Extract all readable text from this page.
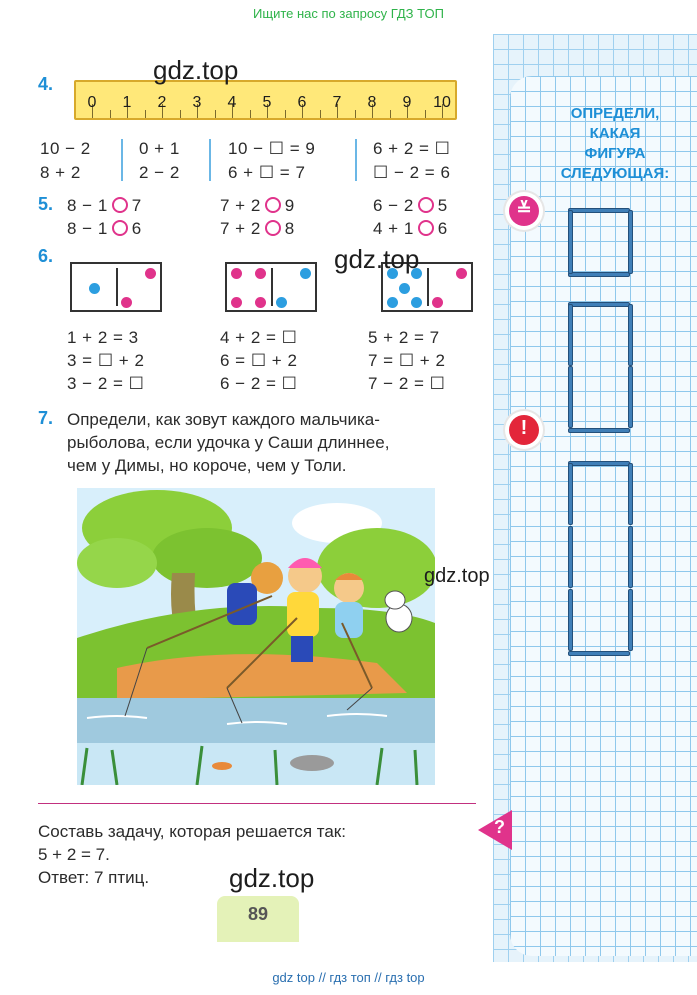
Ищите нас по запросу ГДЗ ТОП
4.
0 1 2 3 4 5 6 7 8 9 10
10 − 2
8 + 2
0 + 1
2 − 2
10 − ☐ = 9
6 + ☐ = 7
6 + 2 = ☐
☐ − 2 = 6
5. 8 − 1 7
8 − 1 6
7 + 2 9
7 + 2 8
6 − 2 5
4 + 1 6
6.
1 + 2 = 3
3 = ☐ + 2
3 − 2 = ☐
4 + 2 = ☐
6 = ☐ + 2
6 − 2 = ☐
5 + 2 = 7
7 = ☐ + 2
7 − 2 = ☐
7. Определи, как зовут каждого мальчика-
рыболова, если удочка у Саши длиннее,
чем у Димы, но короче, чем у Толи.
Составь задачу, которая решается так:
5 + 2 = 7.
Ответ: 7 птиц.
?
ОПРЕДЕЛИ,
КАКАЯ
ФИГУРА
СЛЕДУЮЩАЯ:
≚
!
gdz.top
gdz.top
gdz.top
gdz.top
89
gdz top // гдз топ // гдз top
